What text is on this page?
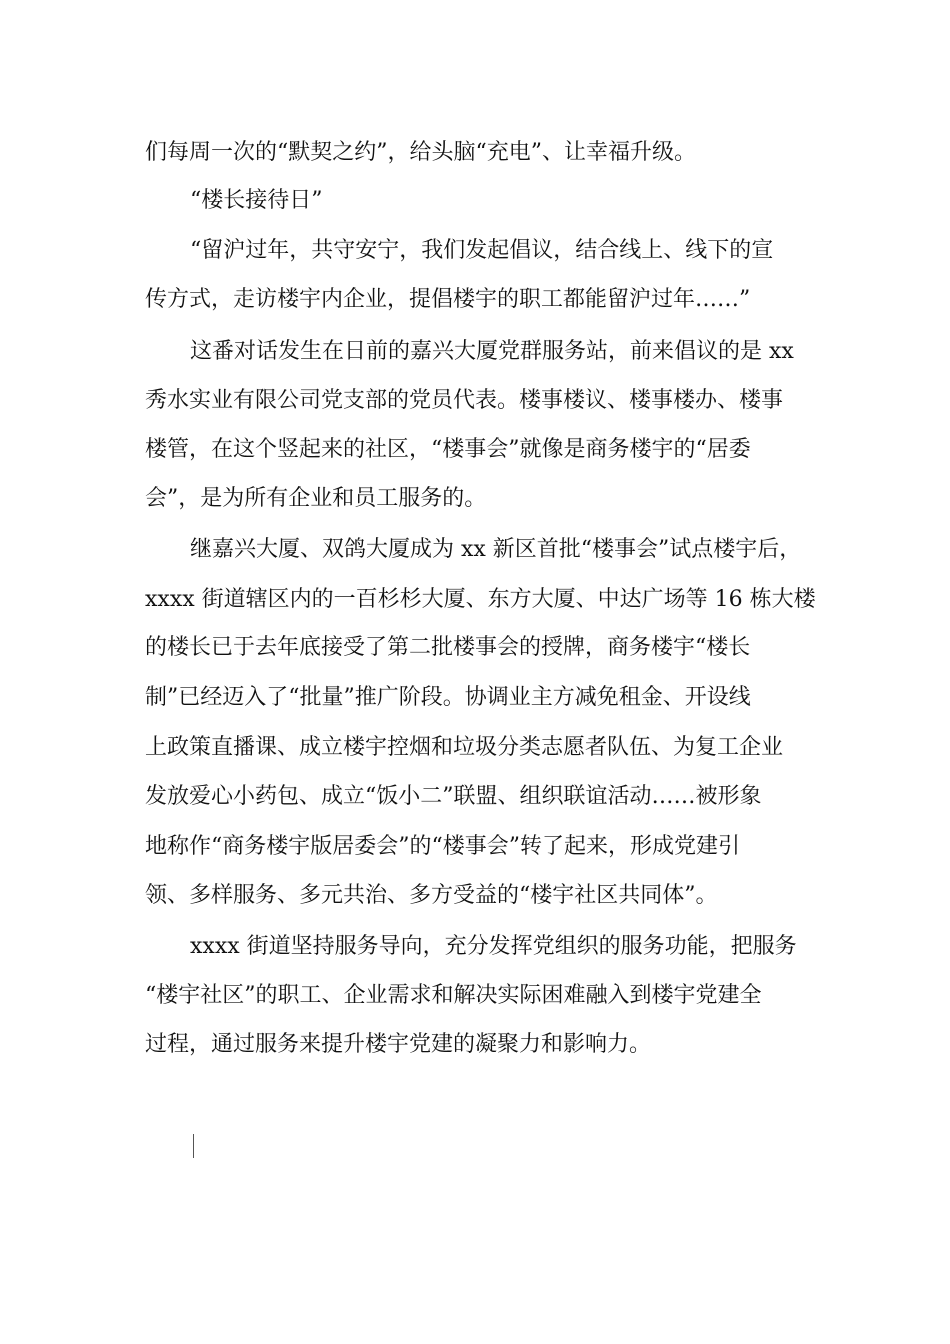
们每周一次的“默契之约”，给头脑“充电”、让幸福升级。
“楼长接待日”
“留沪过年，共守安宁，我们发起倡议，结合线上、线下的宣
传方式，走访楼宇内企业，提倡楼宇的职工都能留沪过年……”
这番对话发生在日前的嘉兴大厦党群服务站，前来倡议的是 xx
秀水实业有限公司党支部的党员代表。楼事楼议、楼事楼办、楼事
楼管，在这个竖起来的社区，“楼事会”就像是商务楼宇的“居委
会”，是为所有企业和员工服务的。
继嘉兴大厦、双鸽大厦成为 xx 新区首批“楼事会”试点楼宇后，
xxxx 街道辖区内的一百杉杉大厦、东方大厦、中达广场等 16 栋大楼
的楼长已于去年底接受了第二批楼事会的授牌，商务楼宇“楼长
制”已经迈入了“批量”推广阶段。协调业主方减免租金、开设线
上政策直播课、成立楼宇控烟和垃圾分类志愿者队伍、为复工企业
发放爱心小药包、成立“饭小二”联盟、组织联谊活动……被形象
地称作“商务楼宇版居委会”的“楼事会”转了起来，形成党建引
领、多样服务、多元共治、多方受益的“楼宇社区共同体”。
xxxx 街道坚持服务导向，充分发挥党组织的服务功能，把服务
“楼宇社区”的职工、企业需求和解决实际困难融入到楼宇党建全
过程，通过服务来提升楼宇党建的凝聚力和影响力。
